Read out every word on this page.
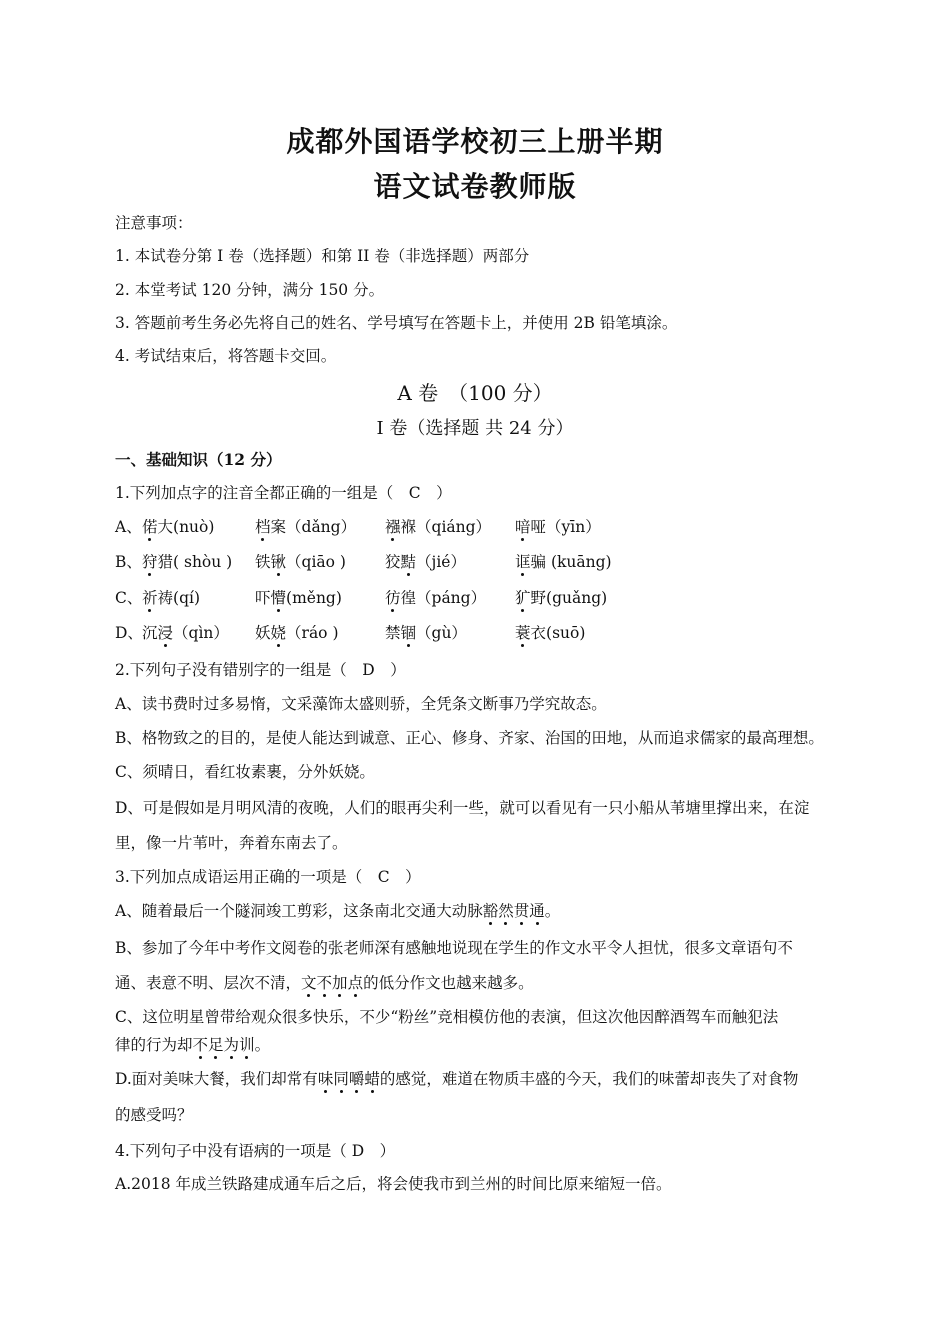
成都外国语学校初三上册半期
语文试卷教师版
注意事项：
1. 本试卷分第 I 卷（选择题）和第 II 卷（非选择题）两部分
2. 本堂考试 120 分钟，满分 150 分。
3. 答题前考生务必先将自己的姓名、学号填写在答题卡上，并使用 2B 铅笔填涂。
4. 考试结束后，将答题卡交回。
A 卷　（100 分）
I 卷（选择题 共 24 分）
一、基础知识（12 分）
1.下列加点字的注音全都正确的一组是（　C　）
A、 偌大(nuò)	档案（dǎng） 襁褓（qiáng） 喑哑（yīn）
B、 狩猎( shòu ) 铁锹（qiāo )	狡黠（jié）	诓骗 (kuāng)
C、 祈祷(qí)	吓懵(měng)	彷徨（páng） 犷野(guǎng)
D、 沉浸（qìn） 妖娆（ráo )	禁锢（gù）	蓑衣(suō)
2.下列句子没有错别字的一组是（　D　）
A、读书费时过多易惰，文采藻饰太盛则骄，全凭条文断事乃学究故态。
B、格物致之的目的，是使人能达到诚意、正心、修身、齐家、治国的田地，从而追求儒家的最高理想。
C、须晴日，看红妆素裹，分外妖娆。
D、可是假如是月明风清的夜晚，人们的眼再尖利一些，就可以看见有一只小船从苇塘里撑出来，在淀
里，像一片苇叶，奔着东南去了。
3.下列加点成语运用正确的一项是（　C　）
A、随着最后一个隧洞竣工剪彩，这条南北交通大动脉豁然贯通。
B、参加了今年中考作文阅卷的张老师深有感触地说现在学生的作文水平令人担忧，很多文章语句不
通、表意不明、层次不清，文不加点的低分作文也越来越多。
C、这位明星曾带给观众很多快乐，不少“粉丝”竞相模仿他的表演，但这次他因醉酒驾车而触犯法
律的行为却不足为训。
D.面对美味大餐，我们却常有味同嚼蜡的感觉，难道在物质丰盛的今天，我们的味蕾却丧失了对食物
的感受吗？
4.下列句子中没有语病的一项是（ D　）
A.2018 年成兰铁路建成通车后之后，将会使我市到兰州的时间比原来缩短一倍。
